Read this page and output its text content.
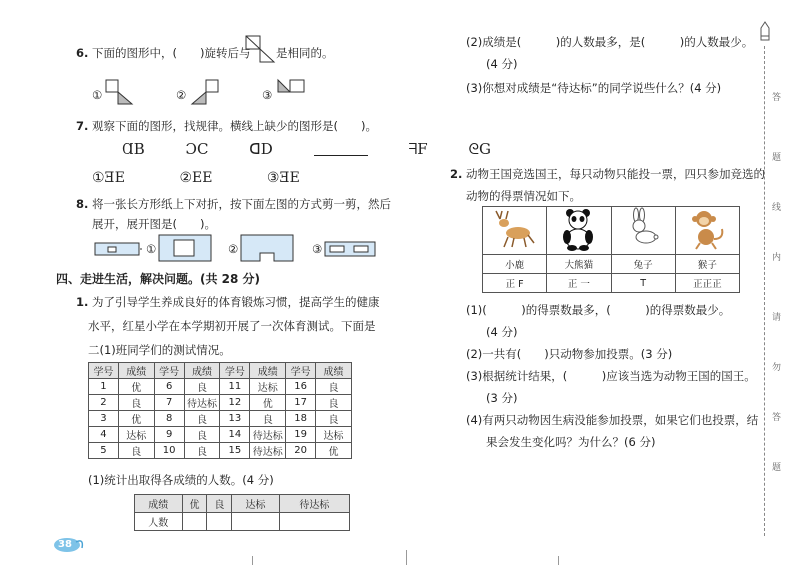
6. 下面的图形中，(　　)旋转后与 是相同的。
①	②	③
7. 观察下面的图形，找规律。横线上缺少的图形是(　　)。
ⱭB	ƆC	ᗡD	ᖷF	ᘓG
①ƎE	②EE	③ƎE
8. 将一张长方形纸上下对折，按下面左图的方式剪一剪，然后
展开，展开图是(　　)。
①	②	③
四、走进生活，解决问题。(共 28 分)
1. 为了引导学生养成良好的体育锻炼习惯，提高学生的健康
水平，红星小学在本学期初开展了一次体育测试。下面是
二(1)班同学们的测试情况。
学号	成绩	学号	成绩	学号	成绩	学号	成绩
1	优	6	良	11	达标	16	良
2	良	7	待达标	12	优	17	良
3	优	8	良	13	良	18	良
4	达标	9	良	14	待达标	19	达标
5	良	10	良	15	待达标	20	优
(1)统计出取得各成绩的人数。(4 分)
成绩	优	良	达标	待达标
人数				
38
(2)成绩是(　　　)的人数最多，是(　　　)的人数最少。
(4 分)
(3)你想对成绩是“待达标”的同学说些什么？(4 分)
2. 动物王国竞选国王，每只动物只能投一票，四只参加竞选的
动物的得票情况如下。

小鹿	大熊猫	兔子	猴子
正 F	正 一	T	正正正
(1)(　　　)的得票数最多，(　　　)的得票数最少。
(4 分)
(2)一共有(　　)只动物参加投票。(3 分)
(3)根据统计结果，(　　　)应该当选为动物王国的国王。
(3 分)
(4)有两只动物因生病没能参加投票，如果它们也投票，结
果会发生变化吗？为什么？(6 分)
答
题
线
内
请
勿
答
题
